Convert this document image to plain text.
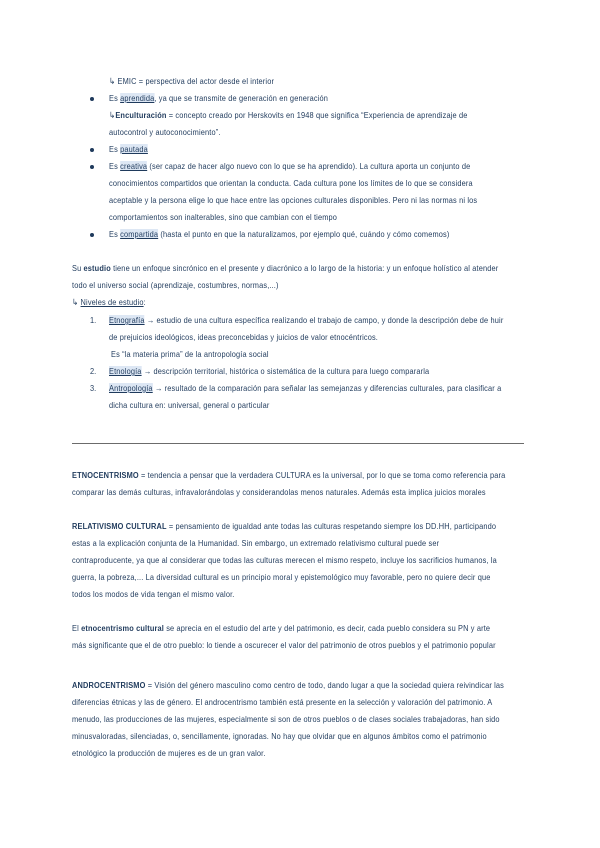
↳ EMIC = perspectiva del actor desde el interior
Es aprendida, ya que se transmite de generación en generación
↳Enculturación = concepto creado por Herskovits en 1948 que significa “Experiencia de aprendizaje de
autocontrol y autoconocimiento”.
Es pautada
Es creativa (ser capaz de hacer algo nuevo con lo que se ha aprendido). La cultura aporta un conjunto de
conocimientos compartidos que orientan la conducta. Cada cultura pone los límites de lo que se considera
aceptable y la persona elige lo que hace entre las opciones culturales disponibles. Pero ni las normas ni los
comportamientos son inalterables, sino que cambian con el tiempo
Es compartida (hasta el punto en que la naturalizamos, por ejemplo qué, cuándo y cómo comemos)
Su estudio tiene un enfoque sincrónico en el presente y diacrónico a lo largo de la historia: y un enfoque holístico al atender
todo el universo social (aprendizaje, costumbres, normas,...)
↳ Niveles de estudio:
1. Etnografía → estudio de una cultura específica realizando el trabajo de campo, y donde la descripción debe de huir
de prejuicios ideológicos, ideas preconcebidas y juicios de valor etnocéntricos.
Es “la materia prima” de la antropología social
2. Etnología → descripción territorial, histórica o sistemática de la cultura para luego compararla
3. Antropología → resultado de la comparación para señalar las semejanzas y diferencias culturales, para clasificar a
dicha cultura en: universal, general o particular
ETNOCENTRISMO = tendencia a pensar que la verdadera CULTURA es la universal, por lo que se toma como referencia para
comparar las demás culturas, infravalorándolas y considerandolas menos naturales. Además esta implica juicios morales
RELATIVISMO CULTURAL = pensamiento de igualdad ante todas las culturas respetando siempre los DD.HH, participando
estas a la explicación conjunta de la Humanidad. Sin embargo, un extremado relativismo cultural puede ser
contraproducente, ya que al considerar que todas las culturas merecen el mismo respeto, incluye los sacrificios humanos, la
guerra, la pobreza,... La diversidad cultural es un principio moral y epistemológico muy favorable, pero no quiere decir que
todos los modos de vida tengan el mismo valor.
El etnocentrismo cultural se aprecia en el estudio del arte y del patrimonio, es decir, cada pueblo considera su PN y arte
más significante que el de otro pueblo: lo tiende a oscurecer el valor del patrimonio de otros pueblos y el patrimonio popular
ANDROCENTRISMO = Visión del género masculino como centro de todo, dando lugar a que la sociedad quiera reivindicar las
diferencias étnicas y las de género. El androcentrismo también está presente en la selección y valoración del patrimonio. A
menudo, las producciones de las mujeres, especialmente si son de otros pueblos o de clases sociales trabajadoras, han sido
minusvaloradas, silenciadas, o, sencillamente, ignoradas. No hay que olvidar que en algunos ámbitos como el patrimonio
etnológico la producción de mujeres es de un gran valor.
